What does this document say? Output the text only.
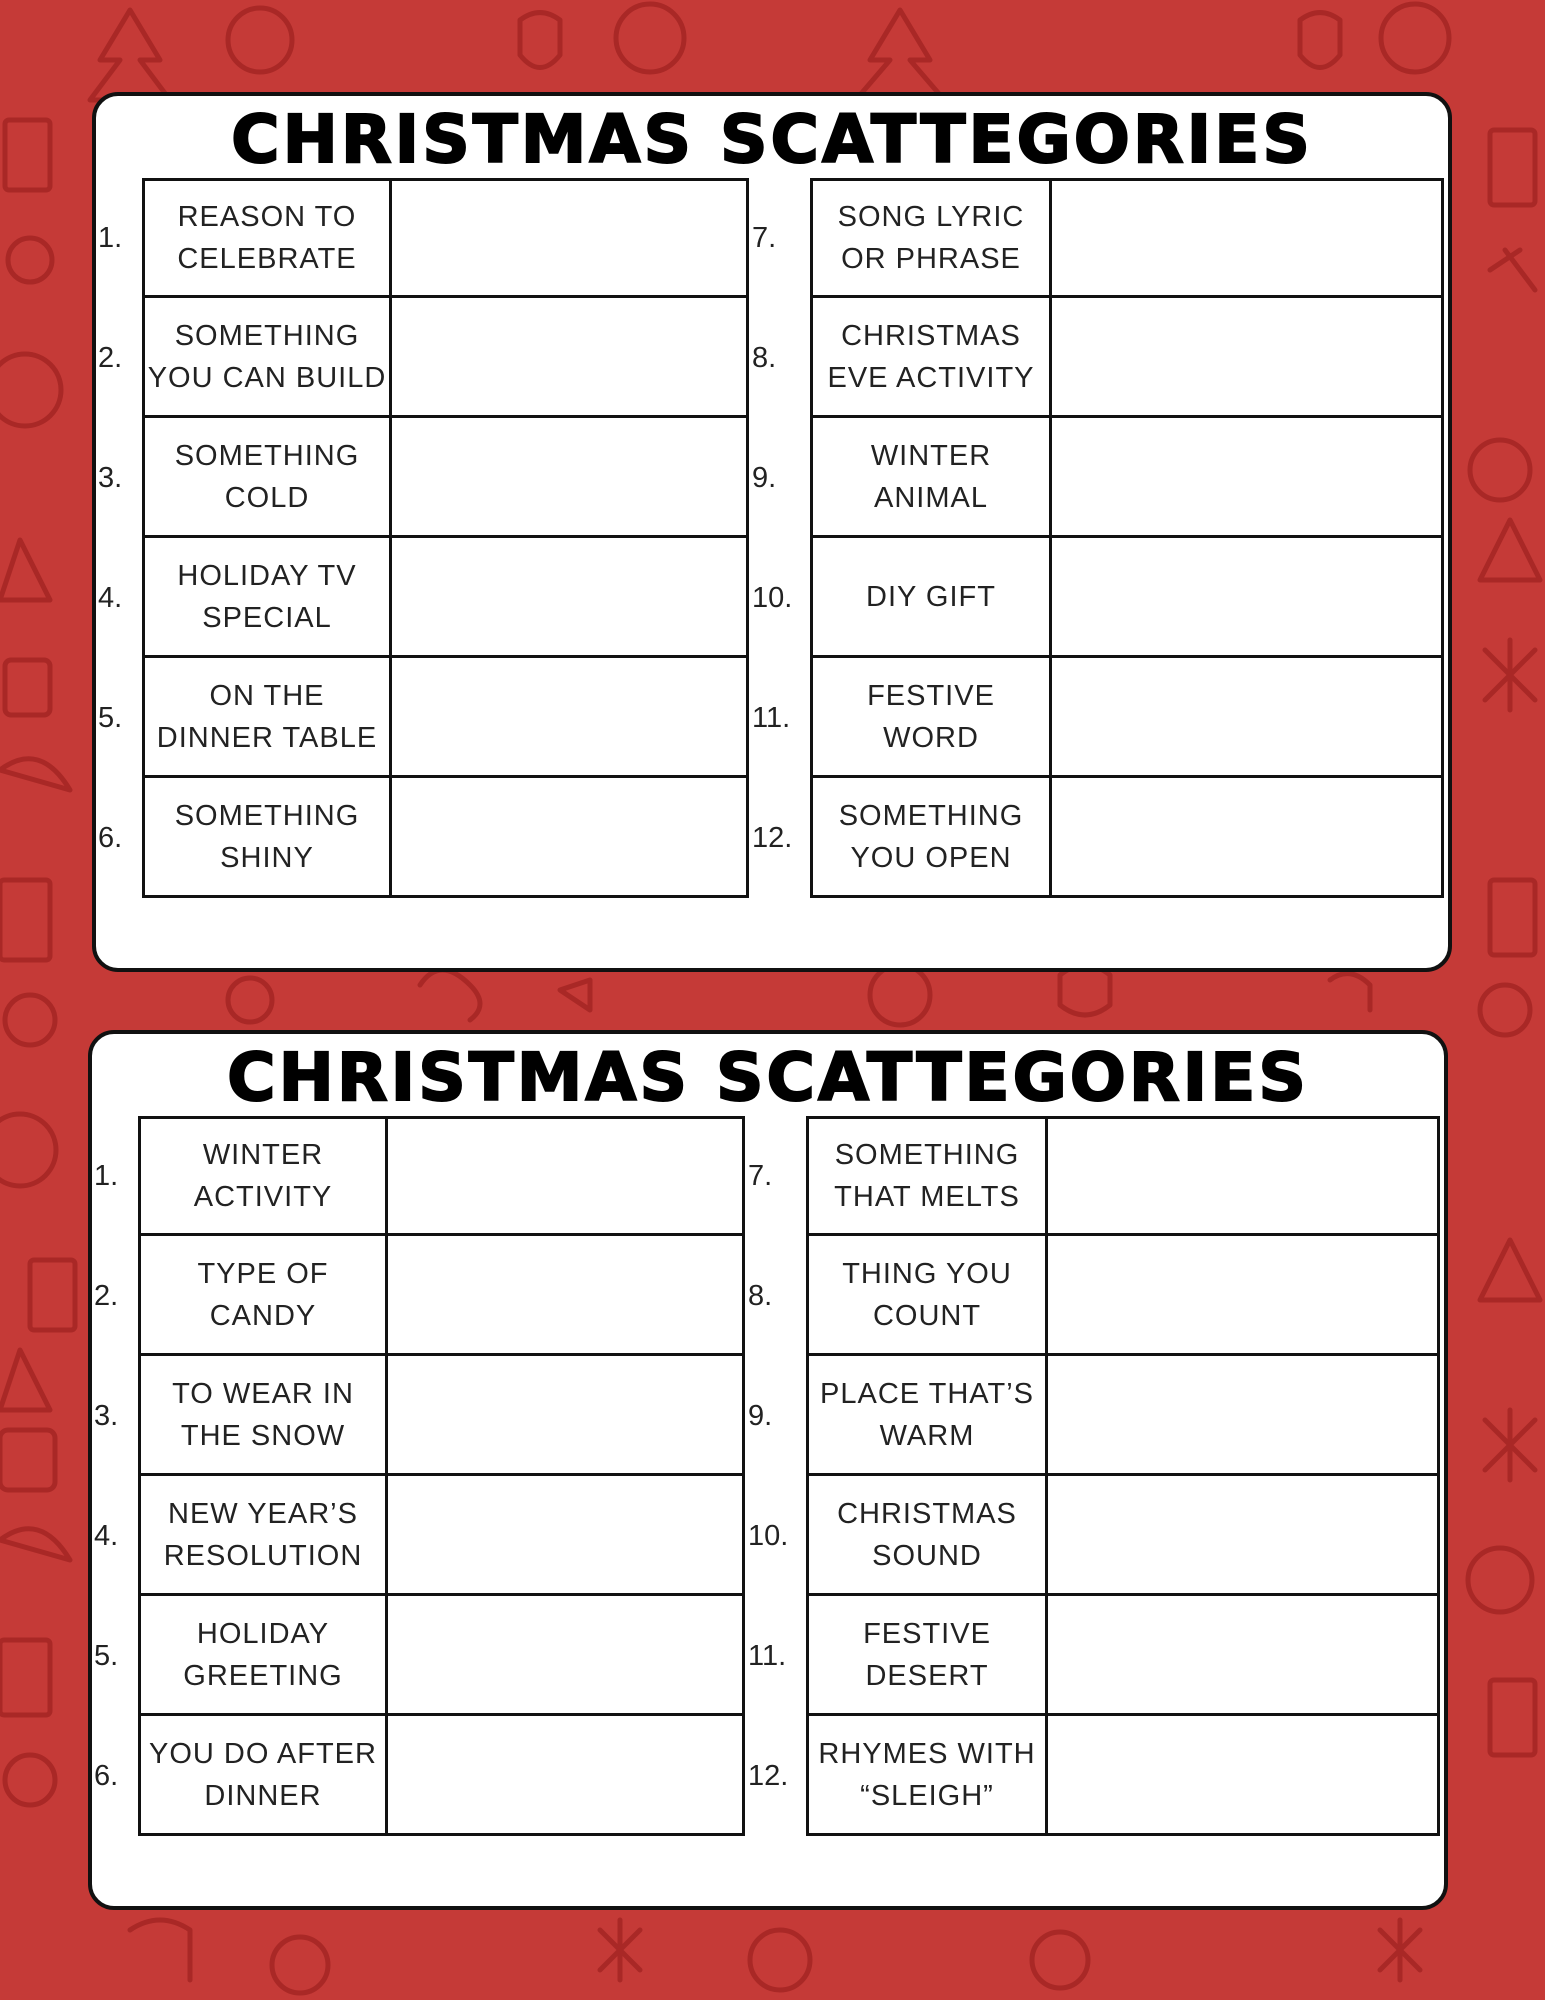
CHRISTMAS SCATTEGORIES
1.
REASON TO CELEBRATE
2.
SOMETHING YOU CAN BUILD
3.
SOMETHING COLD
4.
HOLIDAY TV SPECIAL
5.
ON THE DINNER TABLE
6.
SOMETHING SHINY
7.
SONG LYRIC OR PHRASE
8.
CHRISTMAS EVE ACTIVITY
9.
WINTER ANIMAL
10.	DIY GIFT
11.
FESTIVE WORD
12.
SOMETHING YOU OPEN
CHRISTMAS SCATTEGORIES
1.
WINTER ACTIVITY
2.
TYPE OF CANDY
3.
TO WEAR IN THE SNOW
4.
NEW YEAR’S RESOLUTION
5.
HOLIDAY GREETING
6.
YOU DO AFTER DINNER
7.
SOMETHING THAT MELTS
8.
THING YOU COUNT
9.
PLACE THAT’S WARM
10.
CHRISTMAS SOUND
11.
FESTIVE DESERT
12.
RHYMES WITH “SLEIGH”
